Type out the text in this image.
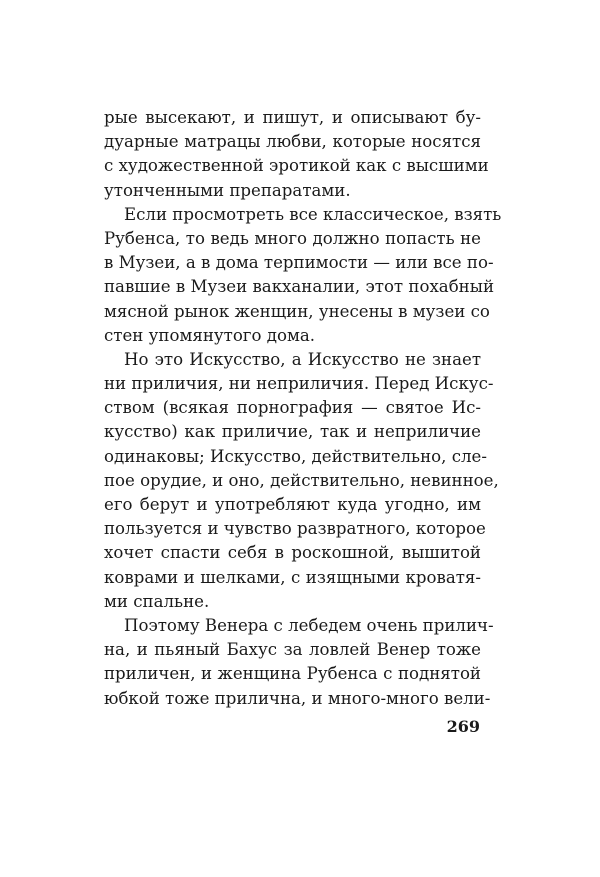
рые высекают, и пишут, и описывают бу-
дуарные матрацы любви, которые носятся
с художественной эротикой как с высшими
утонченными препаратами.
Если просмотреть все классическое, взять
Рубенса, то ведь много должно попасть не
в Музеи, а в дома терпимости — или все по-
павшие в Музеи вакханалии, этот похабный
мясной рынок женщин, унесены в музеи со
стен упомянутого дома.
Но это Искусство, а Искусство не знает
ни приличия, ни неприличия. Перед Искус-
ством (всякая порнография — святое Ис-
кусство) как приличие, так и неприличие
одинаковы; Искусство, действительно, сле-
пое орудие, и оно, действительно, невинное,
его берут и употребляют куда угодно, им
пользуется и чувство развратного, которое
хочет спасти себя в роскошной, вышитой
коврами и шелками, с изящными кроватя-
ми спальне.
Поэтому Венера с лебедем очень прилич-
на, и пьяный Бахус за ловлей Венер тоже
приличен, и женщина Рубенса с поднятой
юбкой тоже прилична, и много-много вели-
269
